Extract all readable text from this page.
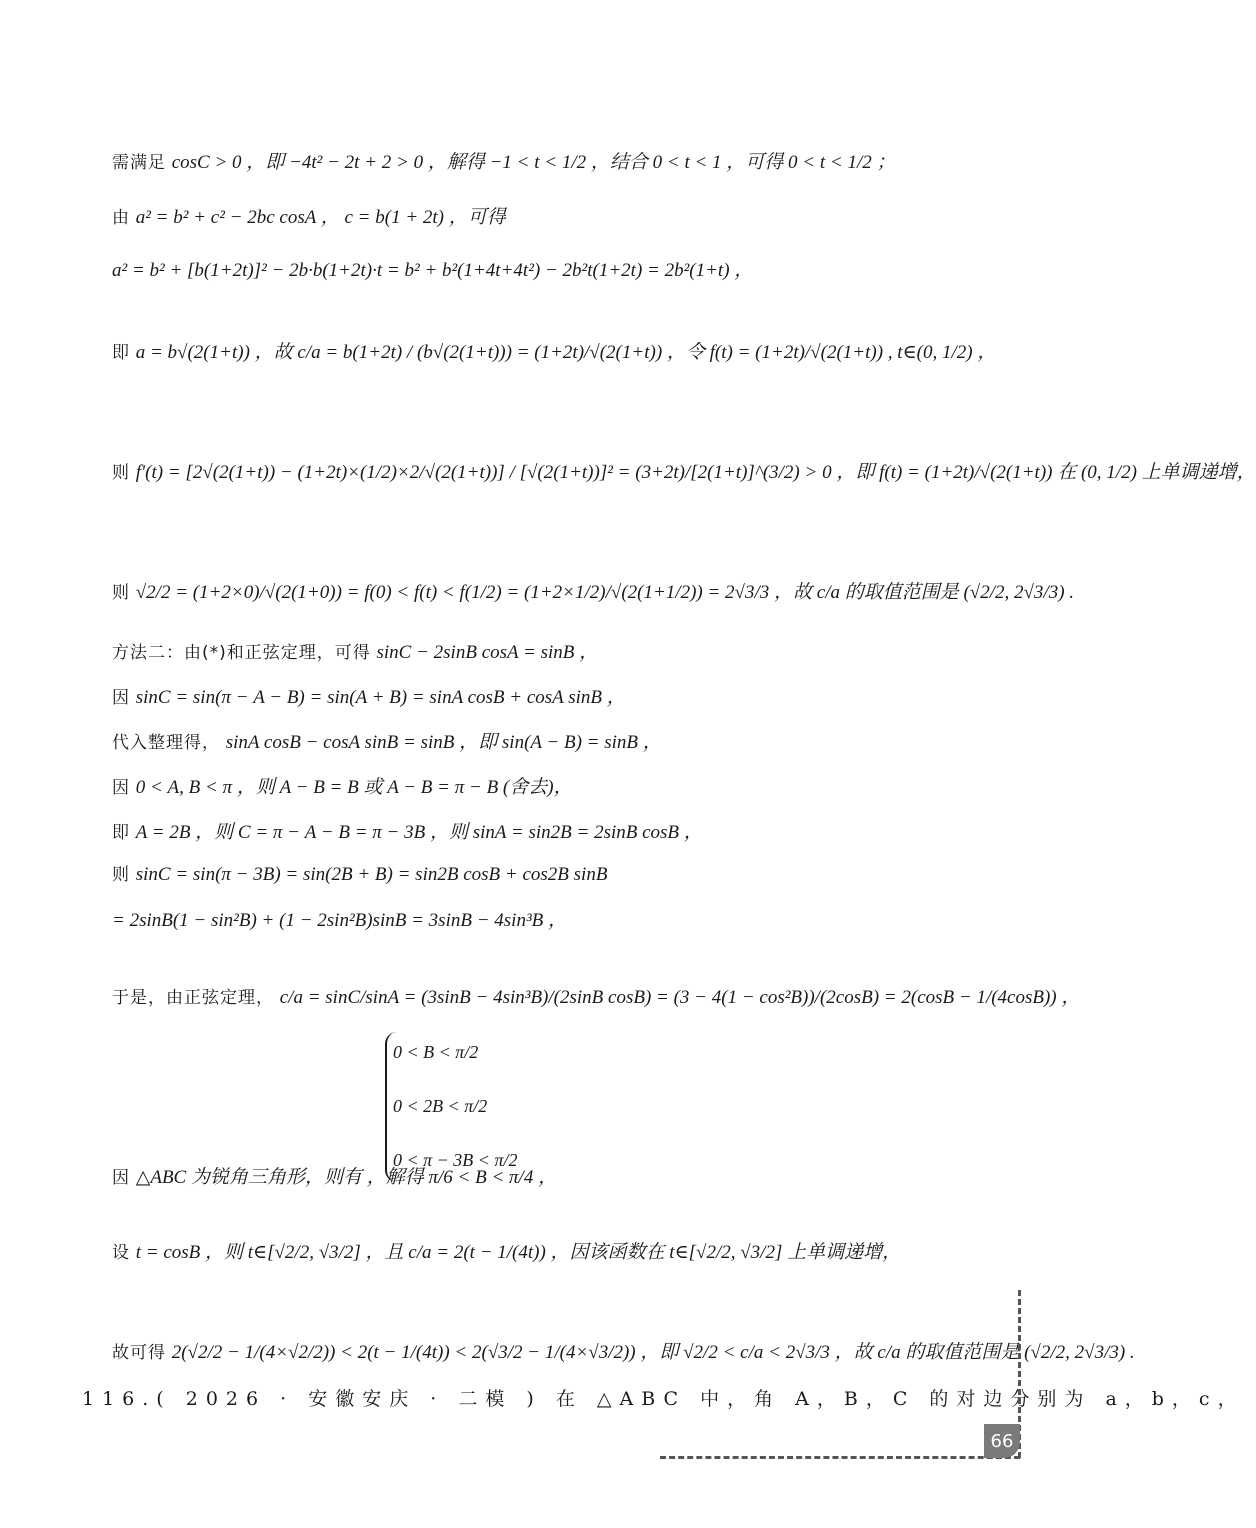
需满足 cosC > 0 ，即 −4t² − 2t + 2 > 0 ，解得 −1 < t < 1/2 ，结合 0 < t < 1 ，可得 0 < t < 1/2 ；
由 a² = b² + c² − 2bc cosA ， c = b(1 + 2t) ，可得
a² = b² + [b(1+2t)]² − 2b·b(1+2t)·t = b² + b²(1+4t+4t²) − 2b²t(1+2t) = 2b²(1+t) ，
即 a = b√(2(1+t)) ，故 c/a = b(1+2t) / (b√(2(1+t))) = (1+2t)/√(2(1+t)) ，令 f(t) = (1+2t)/√(2(1+t)) , t∈(0, 1/2) ，
则 f′(t) = [2√(2(1+t)) − (1+2t)×(1/2)×2/√(2(1+t))] / [√(2(1+t))]² = (3+2t)/[2(1+t)]^(3/2) > 0 ，即 f(t) = (1+2t)/√(2(1+t)) 在 (0, 1/2) 上单调递增，
则 √2/2 = (1+2×0)/√(2(1+0)) = f(0) < f(t) < f(1/2) = (1+2×1/2)/√(2(1+1/2)) = 2√3/3 ，故 c/a 的取值范围是 (√2/2, 2√3/3) .
方法二：由(*)和正弦定理，可得 sinC − 2sinB cosA = sinB ，
因 sinC = sin(π − A − B) = sin(A + B) = sinA cosB + cosA sinB ，
代入整理得， sinA cosB − cosA sinB = sinB ，即 sin(A − B) = sinB ，
因 0 < A, B < π ，则 A − B = B 或 A − B = π − B (舍去)，
即 A = 2B ，则 C = π − A − B = π − 3B ，则 sinA = sin2B = 2sinB cosB ，
则 sinC = sin(π − 3B) = sin(2B + B) = sin2B cosB + cos2B sinB
= 2sinB(1 − sin²B) + (1 − 2sin²B)sinB = 3sinB − 4sin³B ，
于是，由正弦定理， c/a = sinC/sinA = (3sinB − 4sin³B)/(2sinB cosB) = (3 − 4(1 − cos²B))/(2cosB) = 2(cosB − 1/(4cosB)) ，
0 < B < π/2
0 < 2B < π/2
0 < π − 3B < π/2
因 △ABC 为锐角三角形，则有 ，解得 π/6 < B < π/4 ，
设 t = cosB ，则 t∈[√2/2, √3/2] ，且 c/a = 2(t − 1/(4t)) ，因该函数在 t∈[√2/2, √3/2] 上单调递增，
故可得 2(√2/2 − 1/(4×√2/2)) < 2(t − 1/(4t)) < 2(√3/2 − 1/(4×√3/2)) ，即 √2/2 < c/a < 2√3/3 ，故 c/a 的取值范围是 (√2/2, 2√3/3) .
116.( 2026 · 安徽安庆 · 二模 ) 在 △ABC 中，角 A，B，C 的对边分别为 a，b，c，
66
